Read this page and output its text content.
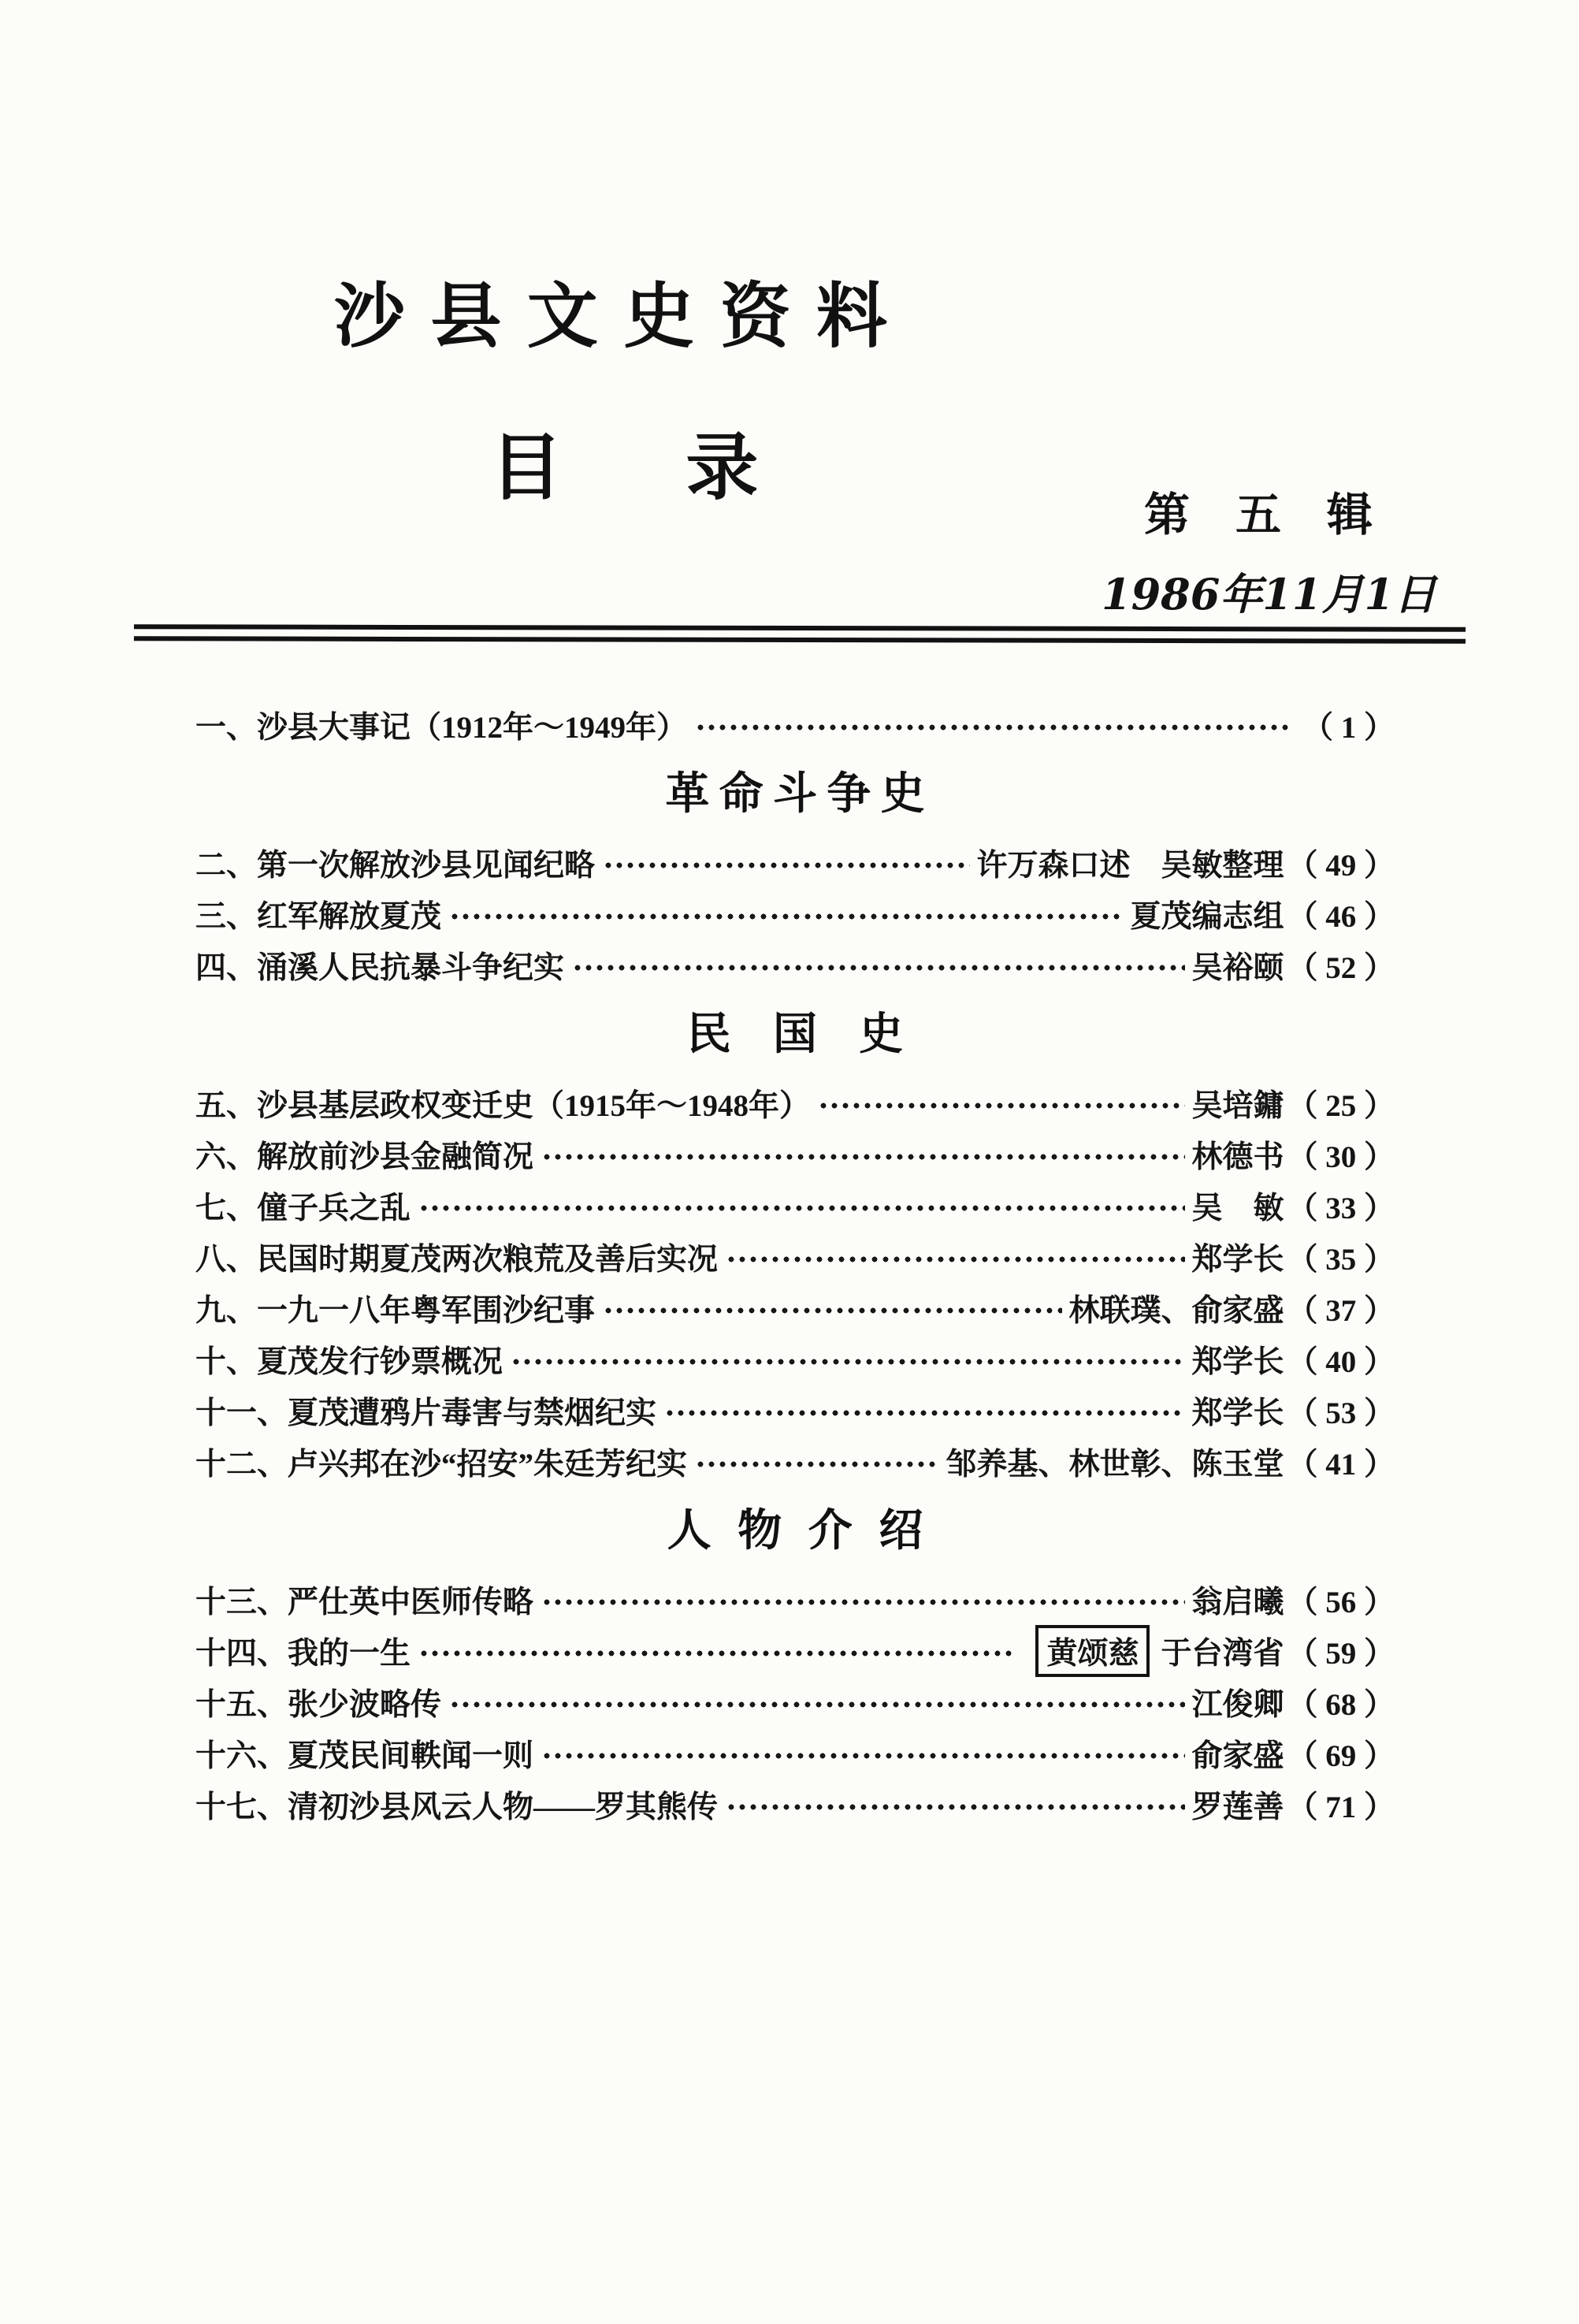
沙县文史资料
目录
第五辑
1986年11月1日
一、沙县大事记（1912年～1949年）	（ 1 ）
革命斗争史
二、第一次解放沙县见闻纪略	许万森口述　吴敏整理 （ 49 ）
三、红军解放夏茂	夏茂编志组 （ 46 ）
四、涌溪人民抗暴斗争纪实	吴裕颐 （ 52 ）
民国史
五、沙县基层政权变迁史（1915年～1948年）	吴培鏞 （ 25 ）
六、解放前沙县金融简况	林德书 （ 30 ）
七、僮子兵之乱	吴　敏 （ 33 ）
八、民国时期夏茂两次粮荒及善后实况	郑学长 （ 35 ）
九、一九一八年粤军围沙纪事	林联璞、俞家盛 （ 37 ）
十、夏茂发行钞票概况	郑学长 （ 40 ）
十一、夏茂遭鸦片毒害与禁烟纪实	郑学长 （ 53 ）
十二、卢兴邦在沙“招安”朱廷芳纪实	邹养基、林世彰、陈玉堂 （ 41 ）
人物介绍
十三、严仕英中医师传略	翁启曦 （ 56 ）
十四、我的一生	黄颂慈 于台湾省 （ 59 ）
十五、张少波略传	江俊卿 （ 68 ）
十六、夏茂民间軼闻一则	俞家盛 （ 69 ）
十七、清初沙县风云人物——罗其熊传	罗莲善 （ 71 ）
